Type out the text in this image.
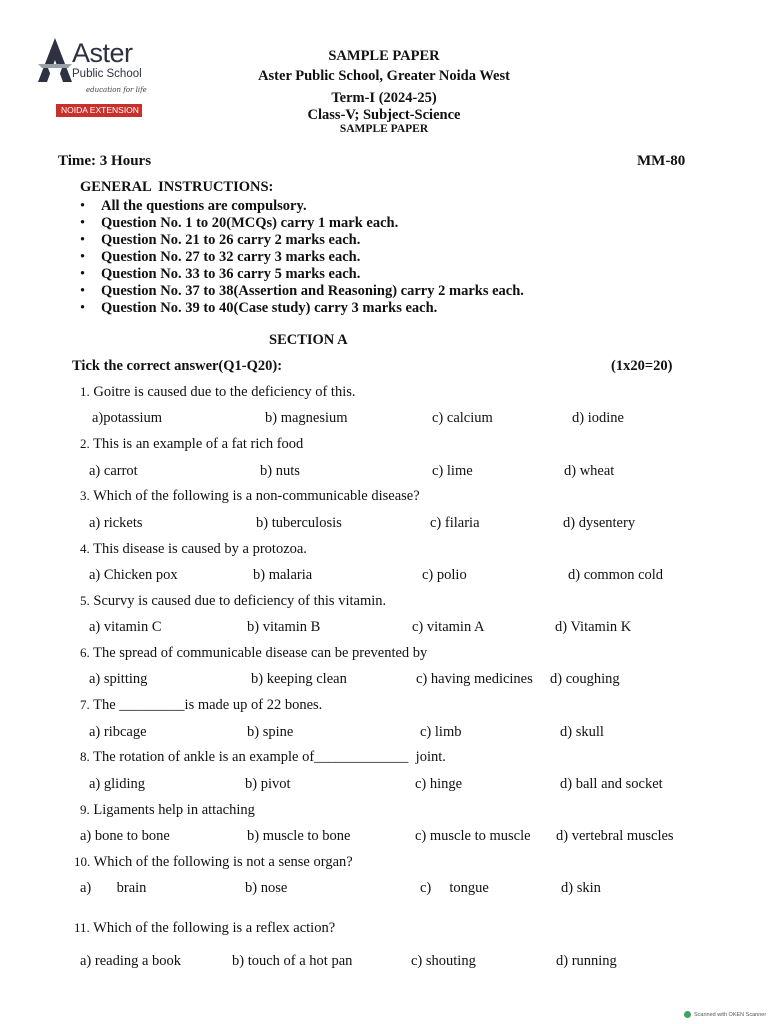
Aster
Public School
education for life
NOIDA EXTENSION
SAMPLE PAPER
Aster Public School, Greater Noida West
Term-I (2024-25)
Class-V; Subject-Science
SAMPLE PAPER
Time: 3 Hours	MM-80
GENERAL  INSTRUCTIONS:
• All the questions are compulsory.
• Question No. 1 to 20(MCQs) carry 1 mark each.
• Question No. 21 to 26 carry 2 marks each.
• Question No. 27 to 32 carry 3 marks each.
• Question No. 33 to 36 carry 5 marks each.
• Question No. 37 to 38(Assertion and Reasoning) carry 2 marks each.
• Question No. 39 to 40(Case study) carry 3 marks each.
SECTION A
Tick the correct answer(Q1-Q20):	(1x20=20)
1. Goitre is caused due to the deficiency of this.
a)potassium	b) magnesium	c) calcium	d) iodine
2. This is an example of a fat rich food
a) carrot	b) nuts	c) lime	d) wheat
3. Which of the following is a non-communicable disease?
a) rickets	b) tuberculosis	c) filaria	d) dysentery
4. This disease is caused by a protozoa.
a) Chicken pox	b) malaria	c) polio	d) common cold
5. Scurvy is caused due to deficiency of this vitamin.
a) vitamin C	b) vitamin B	c) vitamin A	d) Vitamin K
6. The spread of communicable disease can be prevented by
a) spitting	b) keeping clean	c) having medicines d) coughing
7. The _________is made up of 22 bones.
a) ribcage	b) spine	c) limb	d) skull
8. The rotation of ankle is an example of_____________  joint.
a) gliding	b) pivot	c) hinge	d) ball and socket
9. Ligaments help in attaching
a) bone to bone	b) muscle to bone	c) muscle to muscle d) vertebral muscles
10. Which of the following is not a sense organ?
a)       brain	b) nose	c)     tongue	d) skin
11. Which of the following is a reflex action?
a) reading a book	b) touch of a hot pan	c) shouting	d) running
Scanned with OKEN Scanner
